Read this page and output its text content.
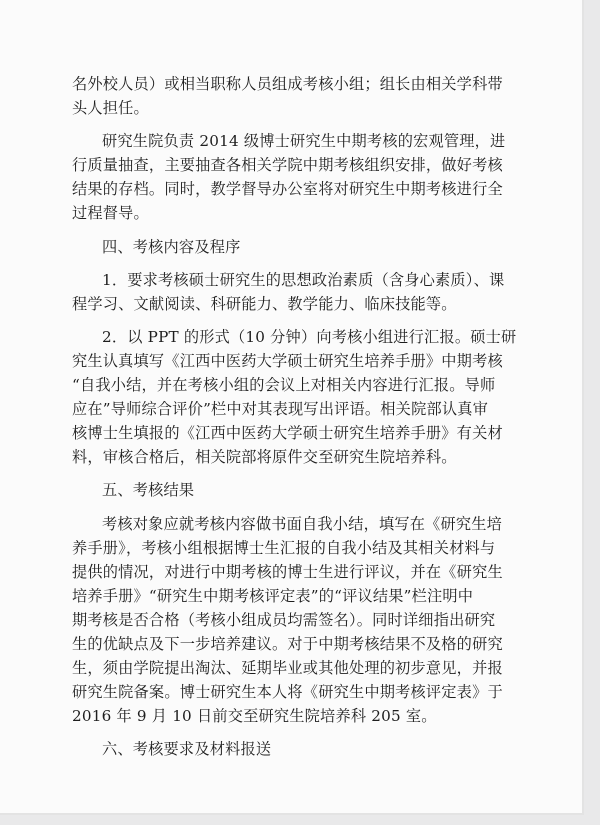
名外校人员）或相当职称人员组成考核小组；组长由相关学科带
头人担任。
研究生院负责 2014 级博士研究生中期考核的宏观管理，进
行质量抽查，主要抽查各相关学院中期考核组织安排，做好考核
结果的存档。同时，教学督导办公室将对研究生中期考核进行全
过程督导。
四、考核内容及程序
1．要求考核硕士研究生的思想政治素质（含身心素质）、课
程学习、文献阅读、科研能力、教学能力、临床技能等。
2．以 PPT 的形式（10 分钟）向考核小组进行汇报。硕士研
究生认真填写《江西中医药大学硕士研究生培养手册》中期考核
“自我小结，并在考核小组的会议上对相关内容进行汇报。导师
应在”导师综合评价”栏中对其表现写出评语。相关院部认真审
核博士生填报的《江西中医药大学硕士研究生培养手册》有关材
料，审核合格后，相关院部将原件交至研究生院培养科。
五、考核结果
考核对象应就考核内容做书面自我小结，填写在《研究生培
养手册》，考核小组根据博士生汇报的自我小结及其相关材料与
提供的情况，对进行中期考核的博士生进行评议，并在《研究生
培养手册》“研究生中期考核评定表”的“评议结果”栏注明中
期考核是否合格（考核小组成员均需签名）。同时详细指出研究
生的优缺点及下一步培养建议。对于中期考核结果不及格的研究
生，须由学院提出淘汰、延期毕业或其他处理的初步意见，并报
研究生院备案。博士研究生本人将《研究生中期考核评定表》于
2016 年 9 月 10 日前交至研究生院培养科 205 室。
六、考核要求及材料报送
